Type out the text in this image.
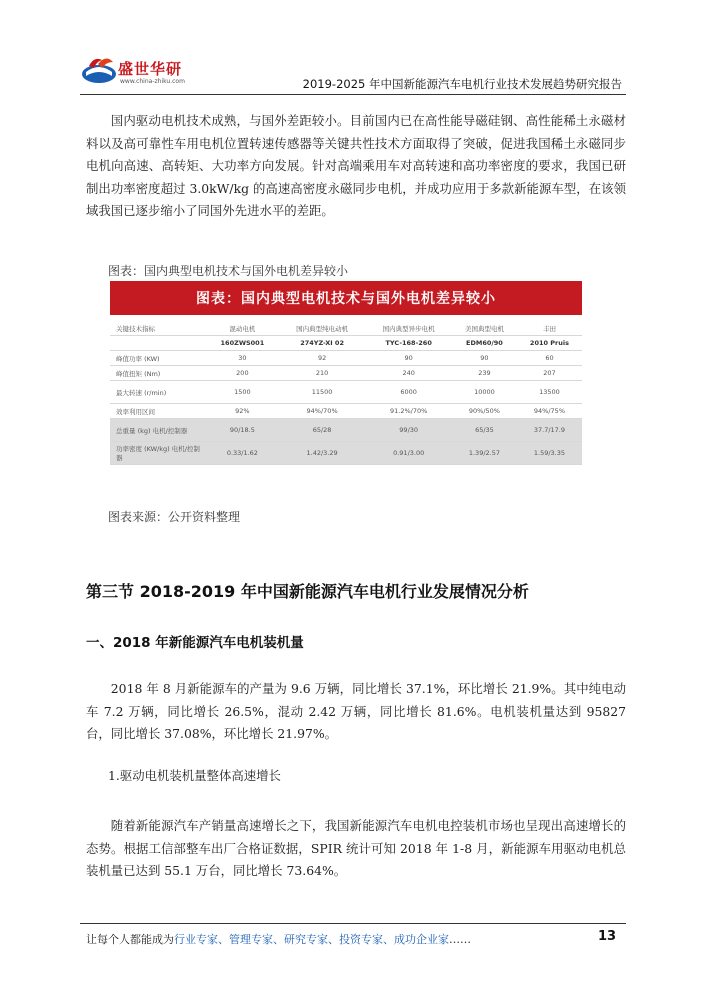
盛世华研
www.china-zhiku.com	2019-2025 年中国新能源汽车电机行业技术发展趋势研究报告

国内驱动电机技术成熟，与国外差距较小。目前国内已在高性能导磁硅钢、高性能稀土永磁材料以及高可靠性车用电机位置转速传感器等关键共性技术方面取得了突破，促进我国稀土永磁同步电机向高速、高转矩、大功率方向发展。针对高端乘用车对高转速和高功率密度的要求，我国已研制出功率密度超过 3.0kW/kg 的高速高密度永磁同步电机，并成功应用于多款新能源车型，在该领域我国已逐步缩小了同国外先进水平的差距。

图表：国内典型电机技术与国外电机差异较小
图表：国内典型电机技术与国外电机差异较小
关键技术指标	混动电机	国内典型纯电动机	国内典型异步电机	美国典型电机	丰田
	160ZWS001	274YZ-XI 02	TYC-168-260	EDM60/90	2010 Pruis
峰值功率 (KW)	30	92	90	90	60
峰值扭矩 (Nm)	200	210	240	239	207
最大转速 (r/min)	1500	11500	6000	10000	13500
效率利用区间	92%	94%/70%	91.2%/70%	90%/50%	94%/75%
总重量 (kg) 电机/控制器	90/18.5	65/28	99/30	65/35	37.7/17.9
功率密度 (KW/kg) 电机/控制器	0.33/1.62	1.42/3.29	0.91/3.00	1.39/2.57	1.59/3.35
图表来源：公开资料整理
第三节 2018-2019 年中国新能源汽车电机行业发展情况分析
一、2018 年新能源汽车电机装机量

2018 年 8 月新能源车的产量为 9.6 万辆，同比增长 37.1%，环比增长 21.9%。其中纯电动车 7.2 万辆，同比增长 26.5%，混动 2.42 万辆，同比增长 81.6%。电机装机量达到 95827 台，同比增长 37.08%，环比增长 21.97%。

1.驱动电机装机量整体高速增长

随着新能源汽车产销量高速增长之下，我国新能源汽车电机电控装机市场也呈现出高速增长的态势。根据工信部整车出厂合格证数据，SPIR 统计可知 2018 年 1-8 月，新能源车用驱动电机总装机量已达到 55.1 万台，同比增长 73.64%。

让每个人都能成为行业专家、管理专家、研究专家、投资专家、成功企业家……	13
